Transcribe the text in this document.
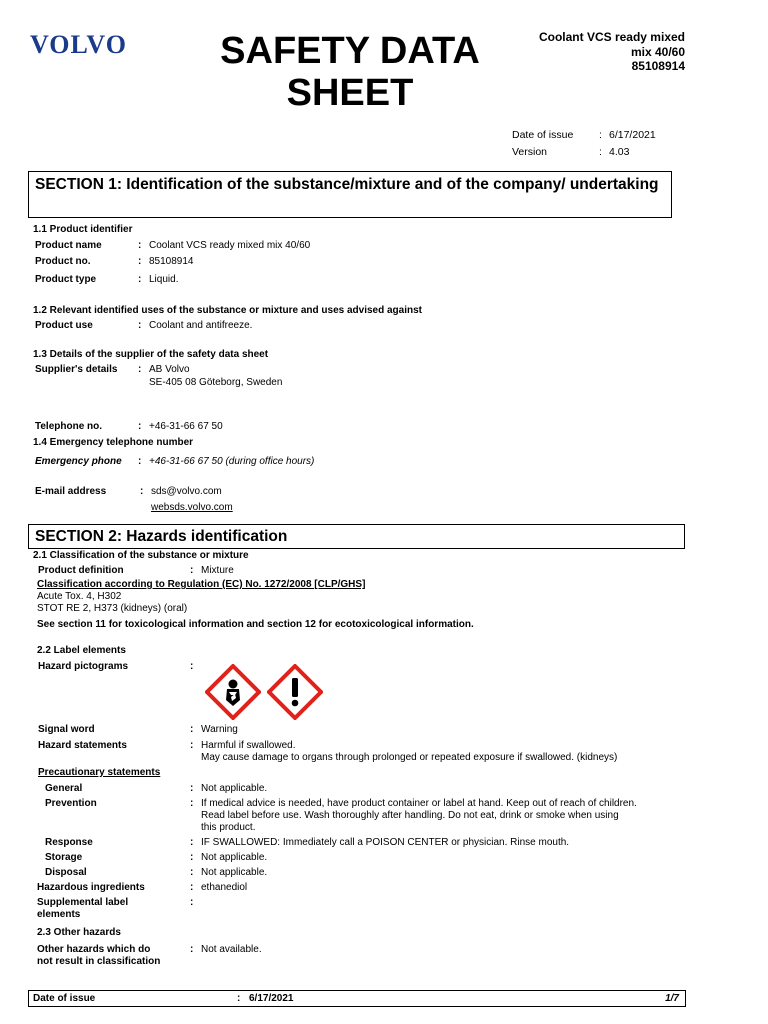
VOLVO	SAFETY DATA
SHEET
Coolant VCS ready mixed
mix 40/60
85108914
Date of issue : 6/17/2021
Version	: 4.03
SECTION 1: Identification of the substance/mixture and of the company/ undertaking
1.1 Product identifier
Product name	: Coolant VCS ready mixed mix 40/60
Product no.	: 85108914
Product type	: Liquid.
1.2 Relevant identified uses of the substance or mixture and uses advised against
Product use	: Coolant and antifreeze.
1.3 Details of the supplier of the safety data sheet
Supplier's details : AB Volvo
SE-405 08 Göteborg, Sweden
Telephone no.	: +46-31-66 67 50
1.4 Emergency telephone number
Emergency phone : +46-31-66 67 50 (during office hours)
E-mail address	: sds@volvo.com
websds.volvo.com
SECTION 2: Hazards identification
2.1 Classification of the substance or mixture
Product definition	: Mixture
Classification according to Regulation (EC) No. 1272/2008 [CLP/GHS]
Acute Tox. 4, H302
STOT RE 2, H373 (kidneys) (oral)
See section 11 for toxicological information and section 12 for ecotoxicological information.
2.2 Label elements
Hazard pictograms	:
Signal word	: Warning
Hazard statements	: Harmful if swallowed.
May cause damage to organs through prolonged or repeated exposure if swallowed. (kidneys)
Precautionary statements
General	: Not applicable.
Prevention	: If medical advice is needed, have product container or label at hand. Keep out of reach of children.
Read label before use. Wash thoroughly after handling. Do not eat, drink or smoke when using
this product.
Response	: IF SWALLOWED: Immediately call a POISON CENTER or physician. Rinse mouth.
Storage	: Not applicable.
Disposal	: Not applicable.
Hazardous ingredients	: ethanediol
Supplemental label
elements
:
2.3 Other hazards
Other hazards which do
not result in classification
: Not available.
Date of issue	: 6/17/2021	1/7
